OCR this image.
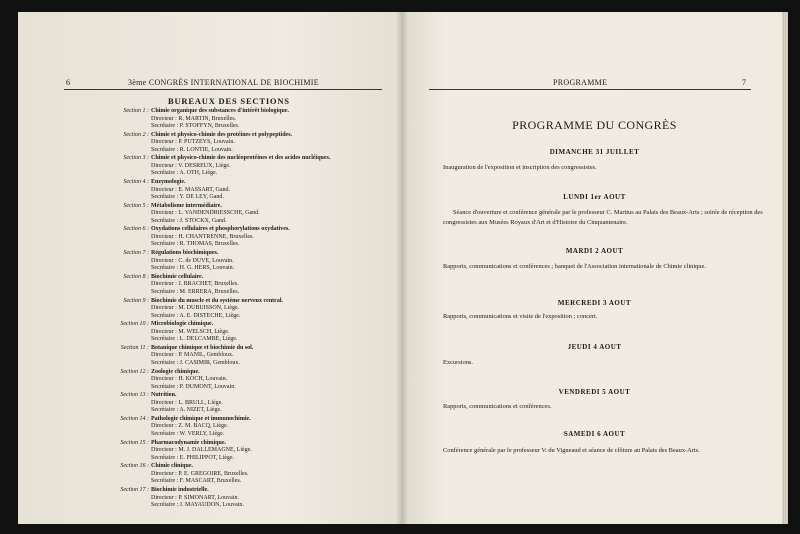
6	3ème CONGRÈS INTERNATIONAL DE BIOCHIMIE
BUREAUX DES SECTIONS
Section 1 : Chimie organique des substances d'intérêt biologique.
Directeur : R. MARTIN, Bruxelles.
Secrétaire : P. STOFFYN, Bruxelles.
Section 2 : Chimie et physico-chimie des protéines et polypeptides.
Directeur : P. PUTZEYS, Louvain.
Secrétaire : R. LONTIE, Louvain.
Section 3 : Chimie et physico-chimie des nucléoprotéines et des acides nucléiques.
Directeur : V. DESREUX, Liège.
Secrétaire : A. OTH, Liège.
Section 4 : Enzymologie.
Directeur : E. MASSART, Gand.
Secrétaire : Y. DE LEY, Gand.
Section 5 : Métabolisme intermédiaire.
Directeur : L. VANDENDRIESSCHE, Gand.
Secrétaire : J. STOCKX, Gand.
Section 6 : Oxydations cellulaires et phosphorylations oxydatives.
Directeur : H. CHANTRENNE, Bruxelles.
Secrétaire : R. THOMAS, Bruxelles.
Section 7 : Régulations biochimiques.
Directeur : C. de DUVE, Louvain.
Secrétaire : H. G. HERS, Louvain.
Section 8 : Biochimie cellulaire.
Directeur : J. BRACHET, Bruxelles.
Secrétaire : M. ERRERA, Bruxelles.
Section 9 : Biochimie du muscle et du système nerveux central.
Directeur : M. DUBUISSON, Liège.
Secrétaire : A. E. DISTECHE, Liège.
Section 10 : Microbiologie chimique.
Directeur : M. WELSCH, Liège.
Secrétaire : L. DELCAMBE, Liège.
Section 11 : Botanique chimique et biochimie du sol.
Directeur : P. MANIL, Gembloux.
Secrétaire : J. CASIMIR, Gembloux.
Section 12 : Zoologie chimique.
Directeur : H. KOCH, Louvain.
Secrétaire : P. DUMONT, Louvain.
Section 13 : Nutrition.
Directeur : L. BRULL, Liège.
Secrétaire : A. NIZET, Liège.
Section 14 : Pathologie chimique et immunochimie.
Directeur : Z. M. BACQ, Liège.
Secrétaire : W. VERLY, Liège.
Section 15 : Pharmacodynamie chimique.
Directeur : M. J. DALLEMAGNE, Liège.
Secrétaire : E. PHILIPPOT, Liège.
Section 16 : Chimie clinique.
Directeur : P. E. GREGOIRE, Bruxelles.
Secrétaire : F. MASCART, Bruxelles.
Section 17 : Biochimie industrielle.
Directeur : P. SIMONART, Louvain.
Secrétaire : J. MAYAUDON, Louvain.
PROGRAMME	7
PROGRAMME DU CONGRÈS
DIMANCHE 31 JUILLET
Inauguration de l'exposition et inscription des congressistes.
LUNDI 1er AOUT
Séance d'ouverture et conférence générale par le professeur C. Martius au Palais des Beaux-Arts ; soirée de réception des congressistes aux Musées Royaux d'Art et d'Histoire du Cinquantenaire.
MARDI 2 AOUT
Rapports, communications et conférences ; banquet de l'Association internationale de Chimie clinique.
MERCREDI 3 AOUT
Rapports, communications et visite de l'exposition ; concert.
JEUDI 4 AOUT
Excursions.
VENDREDI 5 AOUT
Rapports, communications et conférences.
SAMEDI 6 AOUT
Conférence générale par le professeur V. du Vigneaud et séance de clôture au Palais des Beaux-Arts.
